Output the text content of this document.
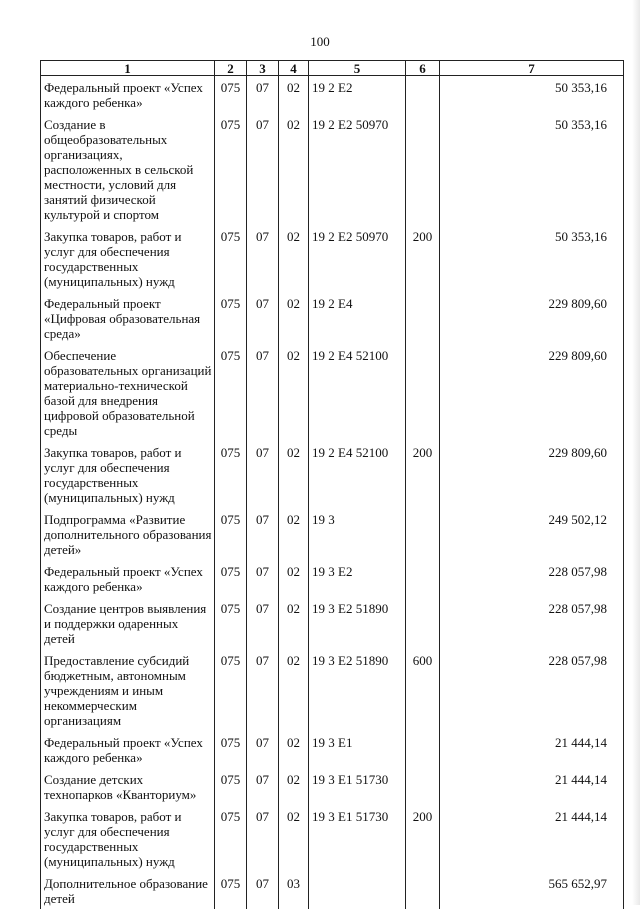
100
1	2	3	4	5	6	7
Федеральный проект «Успех каждого ребенка»	075	07	02	19 2 E2		50 353,16
Создание в общеобразовательных организациях, расположенных в сельской местности, условий для занятий физической культурой и спортом	075	07	02	19 2 E2 50970		50 353,16
Закупка товаров, работ и услуг для обеспечения государственных (муниципальных) нужд	075	07	02	19 2 E2 50970	200	50 353,16
Федеральный проект «Цифровая образовательная среда»	075	07	02	19 2 E4		229 809,60
Обеспечение образовательных организаций материально-технической базой для внедрения цифровой образовательной среды	075	07	02	19 2 E4 52100		229 809,60
Закупка товаров, работ и услуг для обеспечения государственных (муниципальных) нужд	075	07	02	19 2 E4 52100	200	229 809,60
Подпрограмма «Развитие дополнительного образования детей»	075	07	02	19 3		249 502,12
Федеральный проект «Успех каждого ребенка»	075	07	02	19 3 E2		228 057,98
Создание центров выявления и поддержки одаренных детей	075	07	02	19 3 E2 51890		228 057,98
Предоставление субсидий бюджетным, автономным учреждениям и иным некоммерческим организациям	075	07	02	19 3 E2 51890	600	228 057,98
Федеральный проект «Успех каждого ребенка»	075	07	02	19 3 E1		21 444,14
Создание детских технопарков «Кванториум»	075	07	02	19 3 E1 51730		21 444,14
Закупка товаров, работ и услуг для обеспечения государственных (муниципальных) нужд	075	07	02	19 3 E1 51730	200	21 444,14
Дополнительное образование детей	075	07	03			565 652,97
